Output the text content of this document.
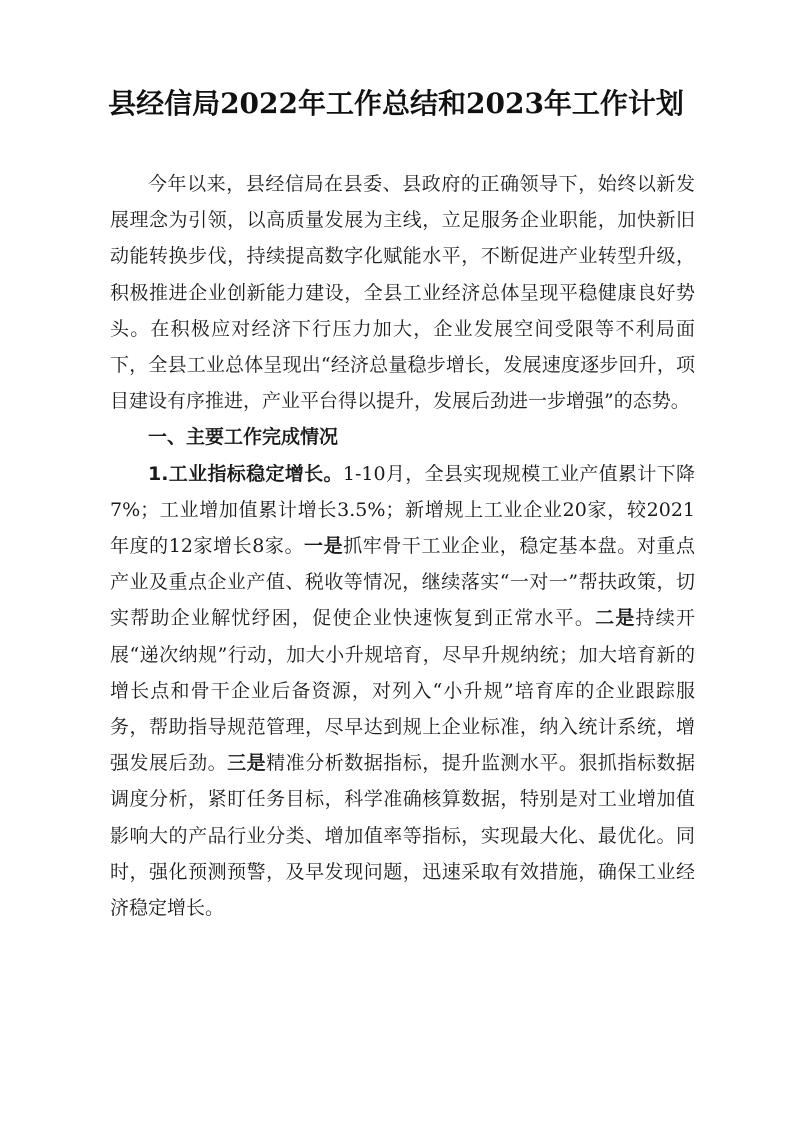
县经信局2022年工作总结和2023年工作计划

今年以来，县经信局在县委、县政府的正确领导下，始终以新发展理念为引领，以高质量发展为主线，立足服务企业职能，加快新旧动能转换步伐，持续提高数字化赋能水平，不断促进产业转型升级，积极推进企业创新能力建设，全县工业经济总体呈现平稳健康良好势头。在积极应对经济下行压力加大，企业发展空间受限等不利局面下，全县工业总体呈现出“经济总量稳步增长，发展速度逐步回升，项目建设有序推进，产业平台得以提升，发展后劲进一步增强”的态势。

一、主要工作完成情况

1.工业指标稳定增长。1-10月，全县实现规模工业产值累计下降7%；工业增加值累计增长3.5%；新增规上工业企业20家，较2021年度的12家增长8家。一是抓牢骨干工业企业，稳定基本盘。对重点产业及重点企业产值、税收等情况，继续落实“一对一”帮扶政策，切实帮助企业解忧纾困，促使企业快速恢复到正常水平。二是持续开展“递次纳规”行动，加大小升规培育，尽早升规纳统；加大培育新的增长点和骨干企业后备资源，对列入“小升规”培育库的企业跟踪服务，帮助指导规范管理，尽早达到规上企业标准，纳入统计系统，增强发展后劲。三是精准分析数据指标，提升监测水平。狠抓指标数据调度分析，紧盯任务目标，科学准确核算数据，特别是对工业增加值影响大的产品行业分类、增加值率等指标，实现最大化、最优化。同时，强化预测预警，及早发现问题，迅速采取有效措施，确保工业经济稳定增长。
